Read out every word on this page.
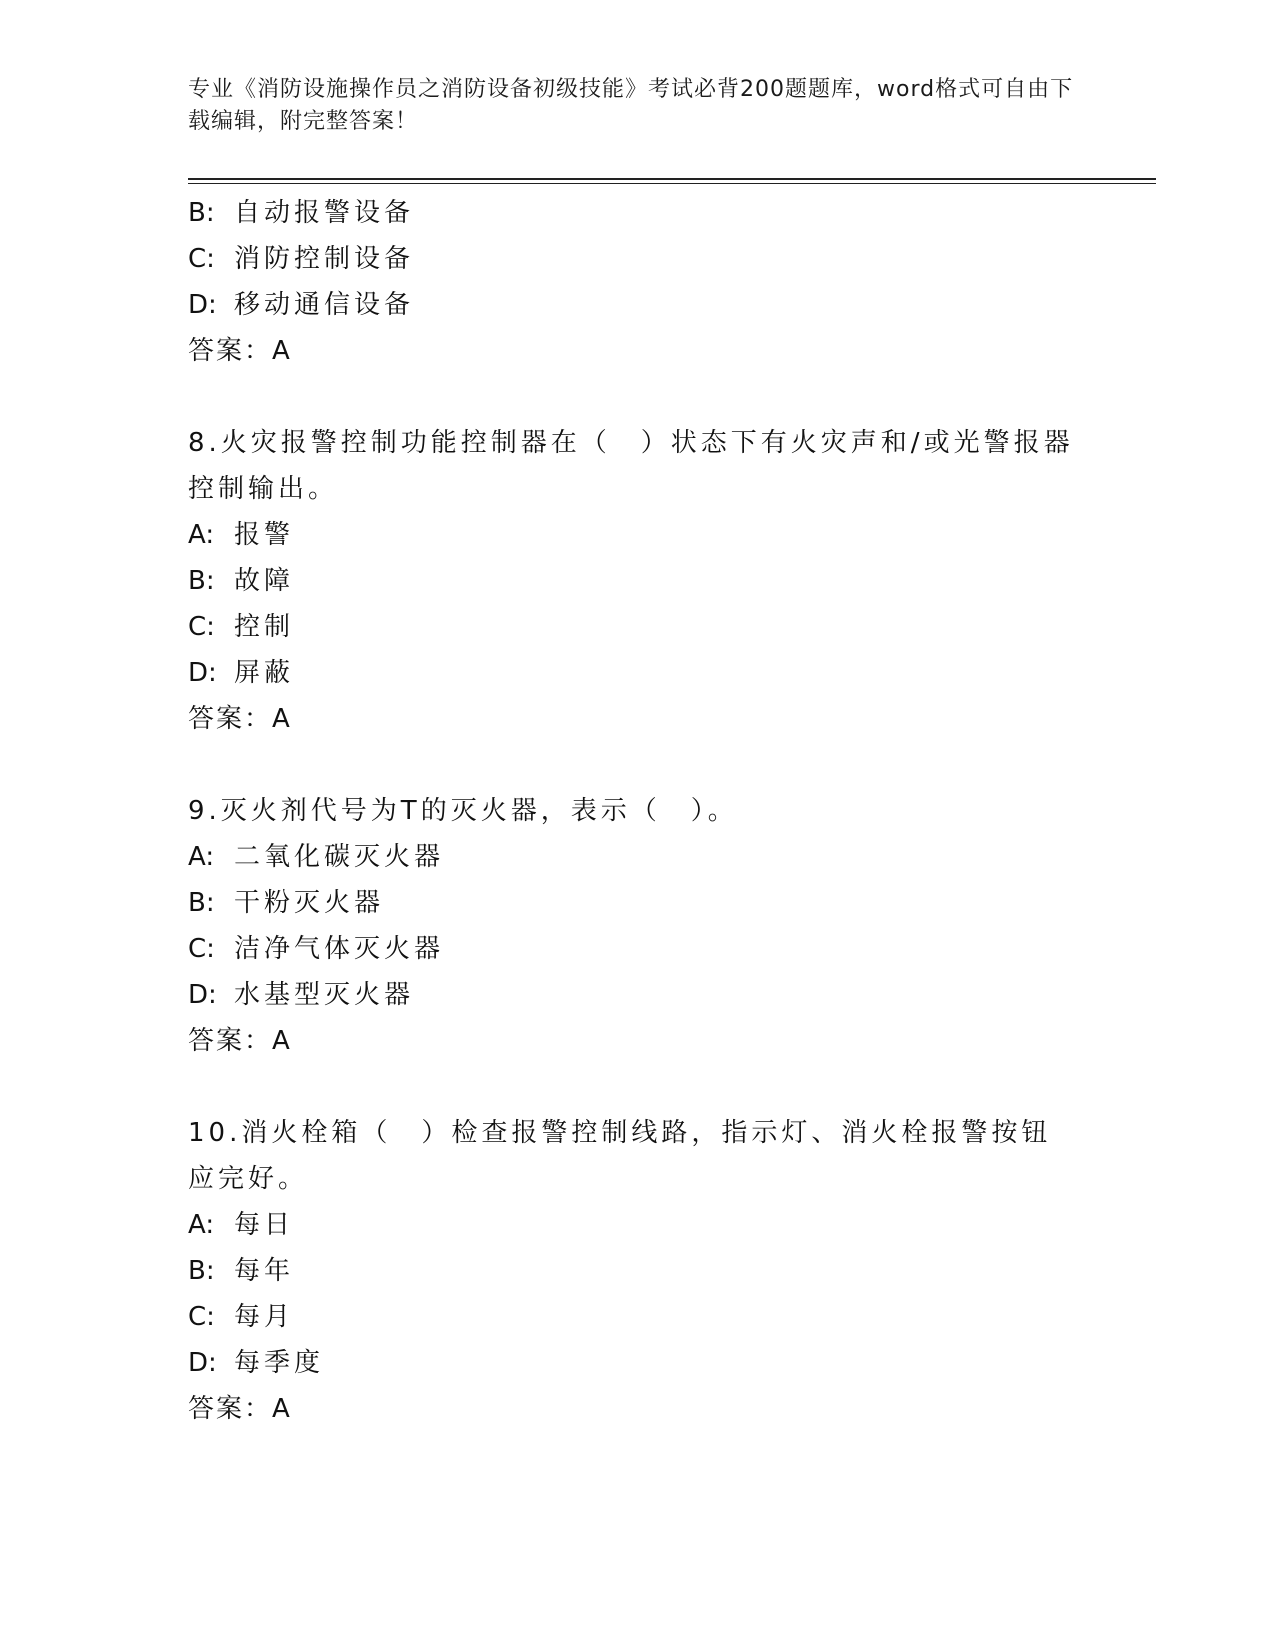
专业《消防设施操作员之消防设备初级技能》考试必背200题题库，word格式可自由下载编辑，附完整答案！
B: 自动报警设备
C: 消防控制设备
D: 移动通信设备
答案：A
8.火灾报警控制功能控制器在（　）状态下有火灾声和/或光警报器控制输出。
A: 报警
B: 故障
C: 控制
D: 屏蔽
答案：A
9.灭火剂代号为T的灭火器，表示（　）。
A: 二氧化碳灭火器
B: 干粉灭火器
C: 洁净气体灭火器
D: 水基型灭火器
答案：A
10.消火栓箱（　）检查报警控制线路，指示灯、消火栓报警按钮应完好。
A: 每日
B: 每年
C: 每月
D: 每季度
答案：A
